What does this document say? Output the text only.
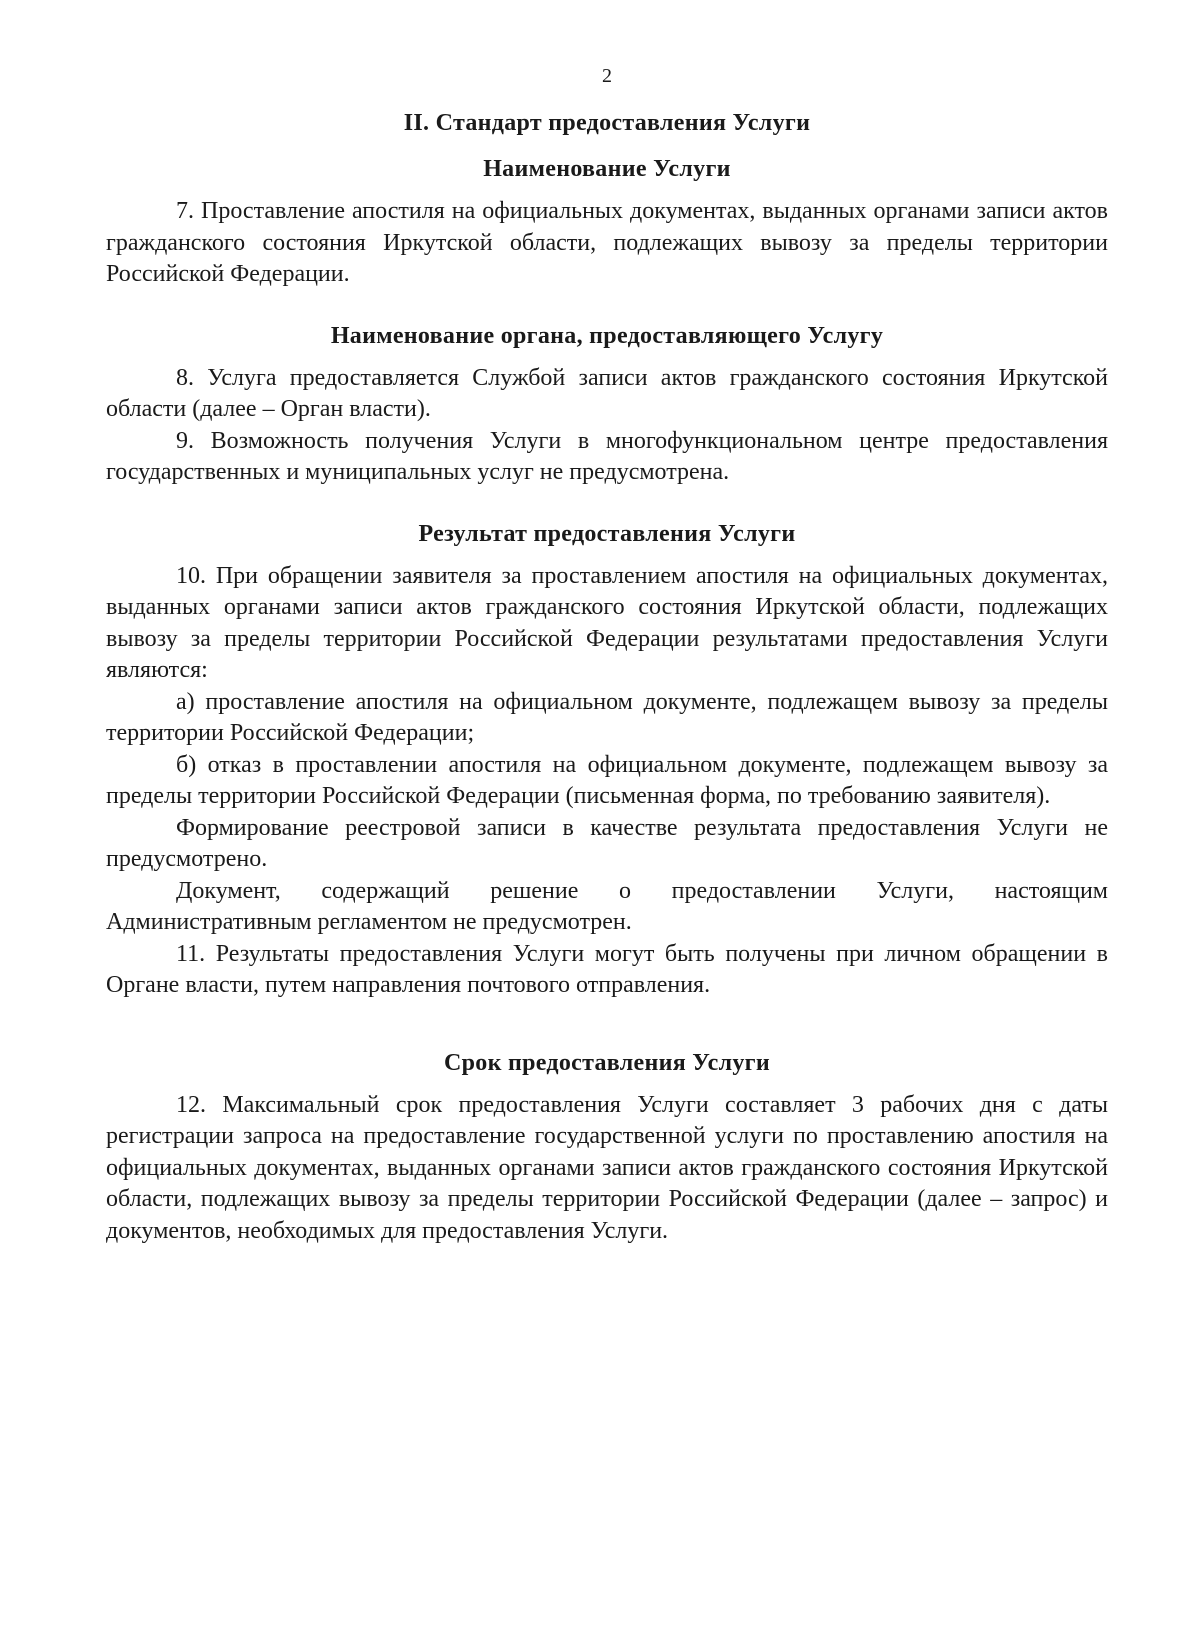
2
II. Стандарт предоставления Услуги
Наименование Услуги

7. Проставление апостиля на официальных документах, выданных органами записи актов гражданского состояния Иркутской области, подлежащих вывозу за пределы территории Российской Федерации.

Наименование органа, предоставляющего Услугу

8. Услуга предоставляется Службой записи актов гражданского состояния Иркутской области (далее – Орган власти).

9. Возможность получения Услуги в многофункциональном центре предоставления государственных и муниципальных услуг не предусмотрена.

Результат предоставления Услуги

10. При обращении заявителя за проставлением апостиля на официальных документах, выданных органами записи актов гражданского состояния Иркутской области, подлежащих вывозу за пределы территории Российской Федерации результатами предоставления Услуги являются:

а) проставление апостиля на официальном документе, подлежащем вывозу за пределы территории Российской Федерации;

б) отказ в проставлении апостиля на официальном документе, подлежащем вывозу за пределы территории Российской Федерации (письменная форма, по требованию заявителя).

Формирование реестровой записи в качестве результата предоставления Услуги не предусмотрено.

Документ, содержащий решение о предоставлении Услуги, настоящим Административным регламентом не предусмотрен.

11. Результаты предоставления Услуги могут быть получены при личном обращении в Органе власти, путем направления почтового отправления.

Срок предоставления Услуги

12. Максимальный срок предоставления Услуги составляет 3 рабочих дня с даты регистрации запроса на предоставление государственной услуги по проставлению апостиля на официальных документах, выданных органами записи актов гражданского состояния Иркутской области, подлежащих вывозу за пределы территории Российской Федерации (далее – запрос) и документов, необходимых для предоставления Услуги.
